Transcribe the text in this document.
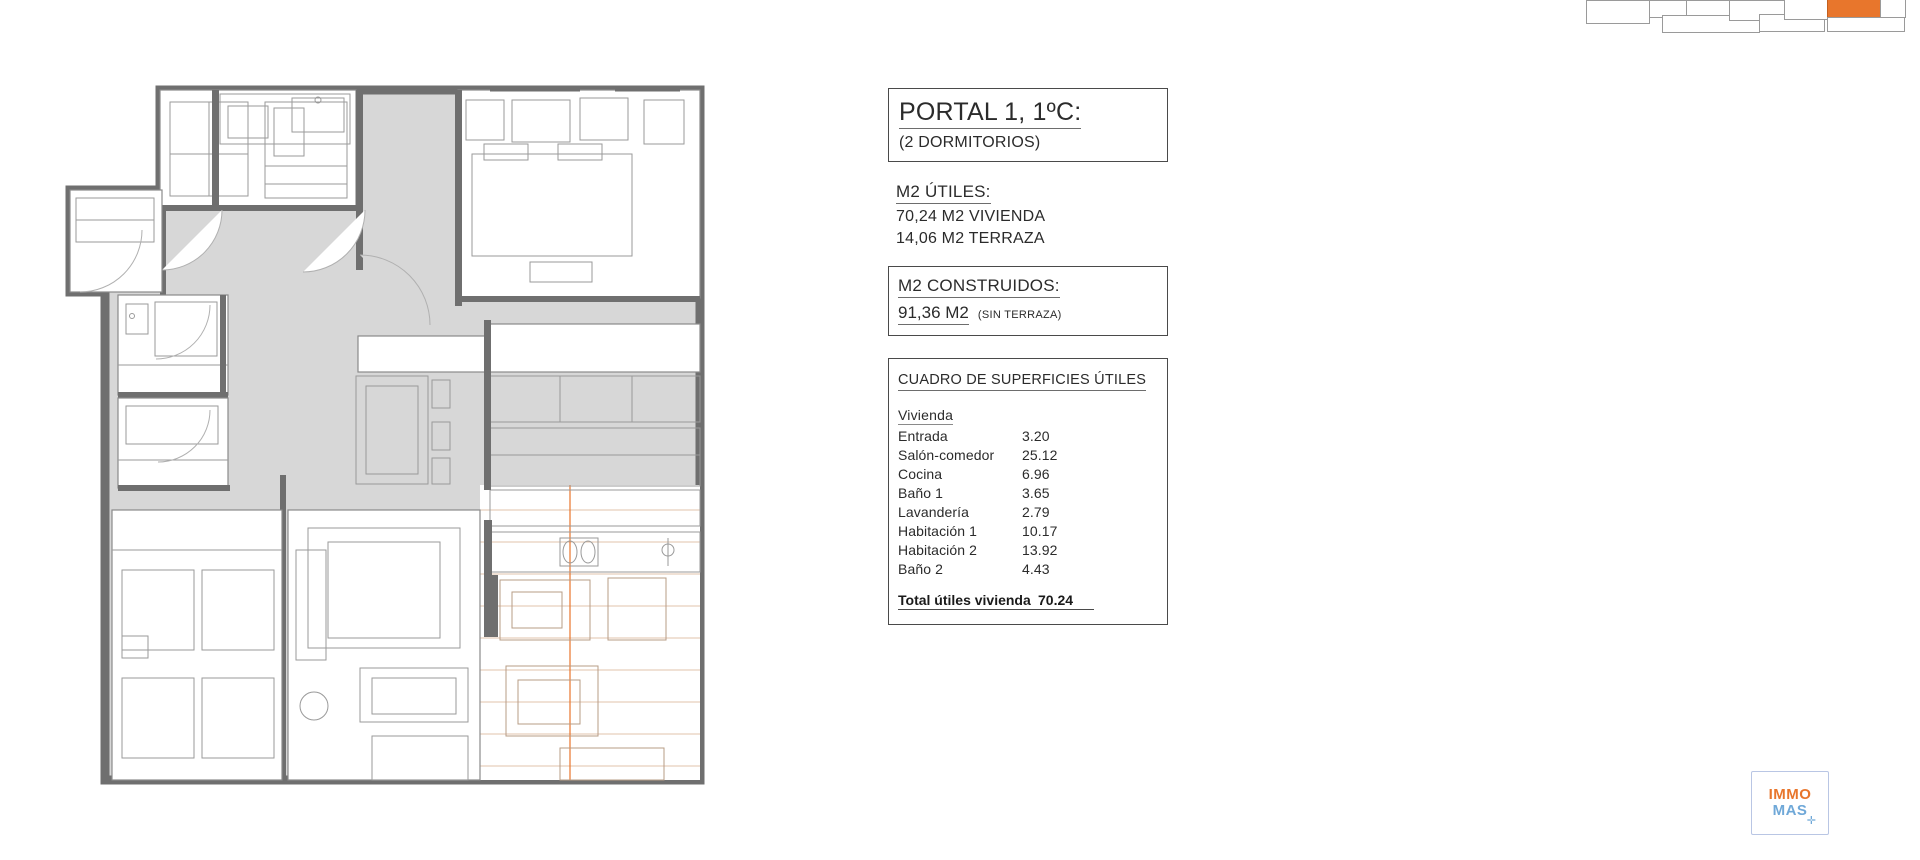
PORTAL 1, 1ºC:
(2 DORMITORIOS)
M2 ÚTILES:
70,24 M2 VIVIENDA
14,06 M2 TERRAZA
M2 CONSTRUIDOS:
91,36 M2 (SIN TERRAZA)
CUADRO DE SUPERFICIES ÚTILES Vivienda
Entrada	3.20
Salón-comedor	25.12
Cocina	6.96
Baño 1	3.65
Lavandería	2.79
Habitación 1	10.17
Habitación 2	13.92
Baño 2	4.43
Total útiles vivienda 70.24
IMMO
MAS
✛
